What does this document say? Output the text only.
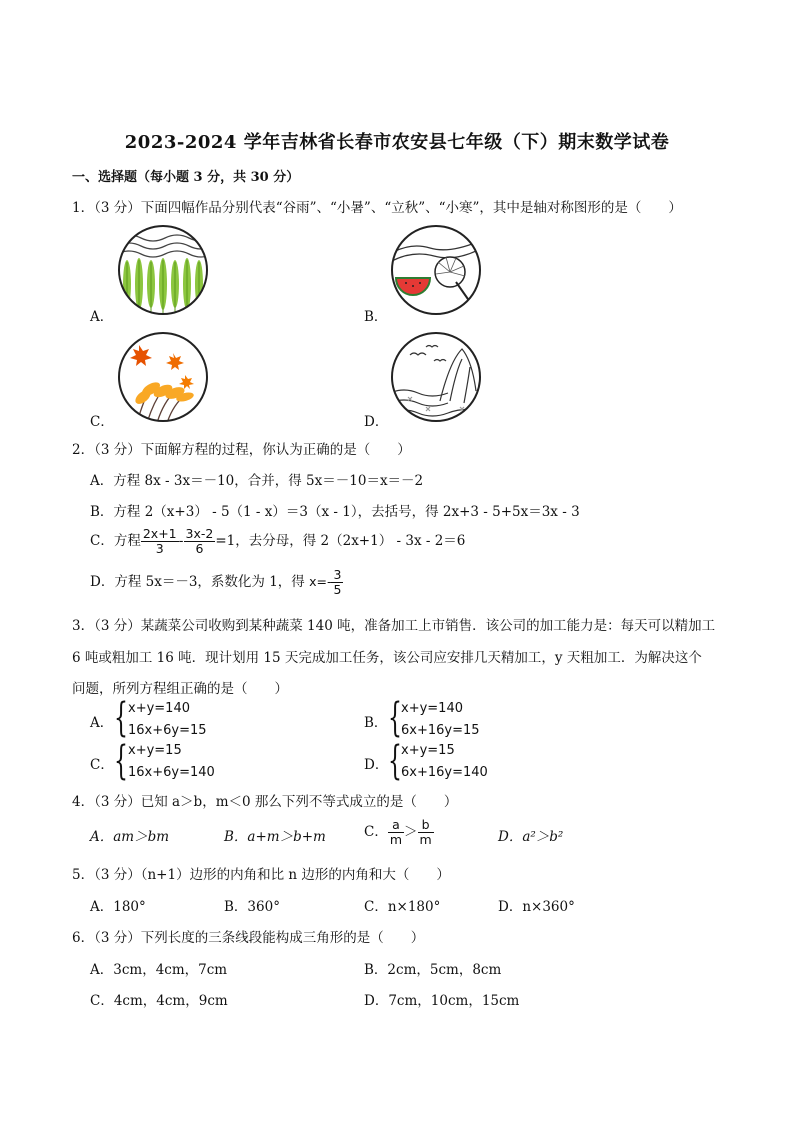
2023-2024 学年吉林省长春市农安县七年级（下）期末数学试卷
一、选择题（每小题 3 分，共 30 分）
1．（3 分）下面四幅作品分别代表“谷雨”、“小暑”、“立秋”、“小寒”，其中是轴对称图形的是（　　）
A．	B．
C．	D．
2．（3 分）下面解方程的过程，你认为正确的是（　　）
A．方程 8x - 3x＝－10，合并，得 5x＝－10＝x＝－2
B．方程 2（x+3） - 5（1 - x）＝3（x - 1），去括号，得 2x+3 - 5+5x＝3x - 3
C．方程 $\frac{2x+1}{3} - \frac{3x-2}{6} =1$，去分母，得 2（2x+1） - 3x - 2＝6
D．方程 5x＝－3，系数化为 1，得 $x=- \frac{3}{5}$
3．（3 分）某蔬菜公司收购到某种蔬菜 140 吨，准备加工上市销售．该公司的加工能力是：每天可以精加工
6 吨或粗加工 16 吨．现计划用 15 天完成加工任务，该公司应安排几天精加工，y 天粗加工．为解决这个
问题，所列方程组正确的是（　　）
A． { x+y=140
16x+6y=15	B． { x+y=140
6x+16y=15
C． { x+y=15
16x+6y=140	D． { x+y=15
6x+16y=140
4．（3 分）已知 a＞b，m＜0 那么下列不等式成立的是（　　）
A．am＞bm	B．a+m＞b+m	C． $\frac{a}{m} > \frac{b}{m}$	D．a²＞b²
5．（3 分）（n+1）边形的内角和比 n 边形的内角和大（　　）
A．180°	B．360°	C．n×180°	D．n×360°
6．（3 分）下列长度的三条线段能构成三角形的是（　　）
A．3cm，4cm，7cm	B．2cm，5cm，8cm
C．4cm，4cm，9cm	D．7cm，10cm，15cm
